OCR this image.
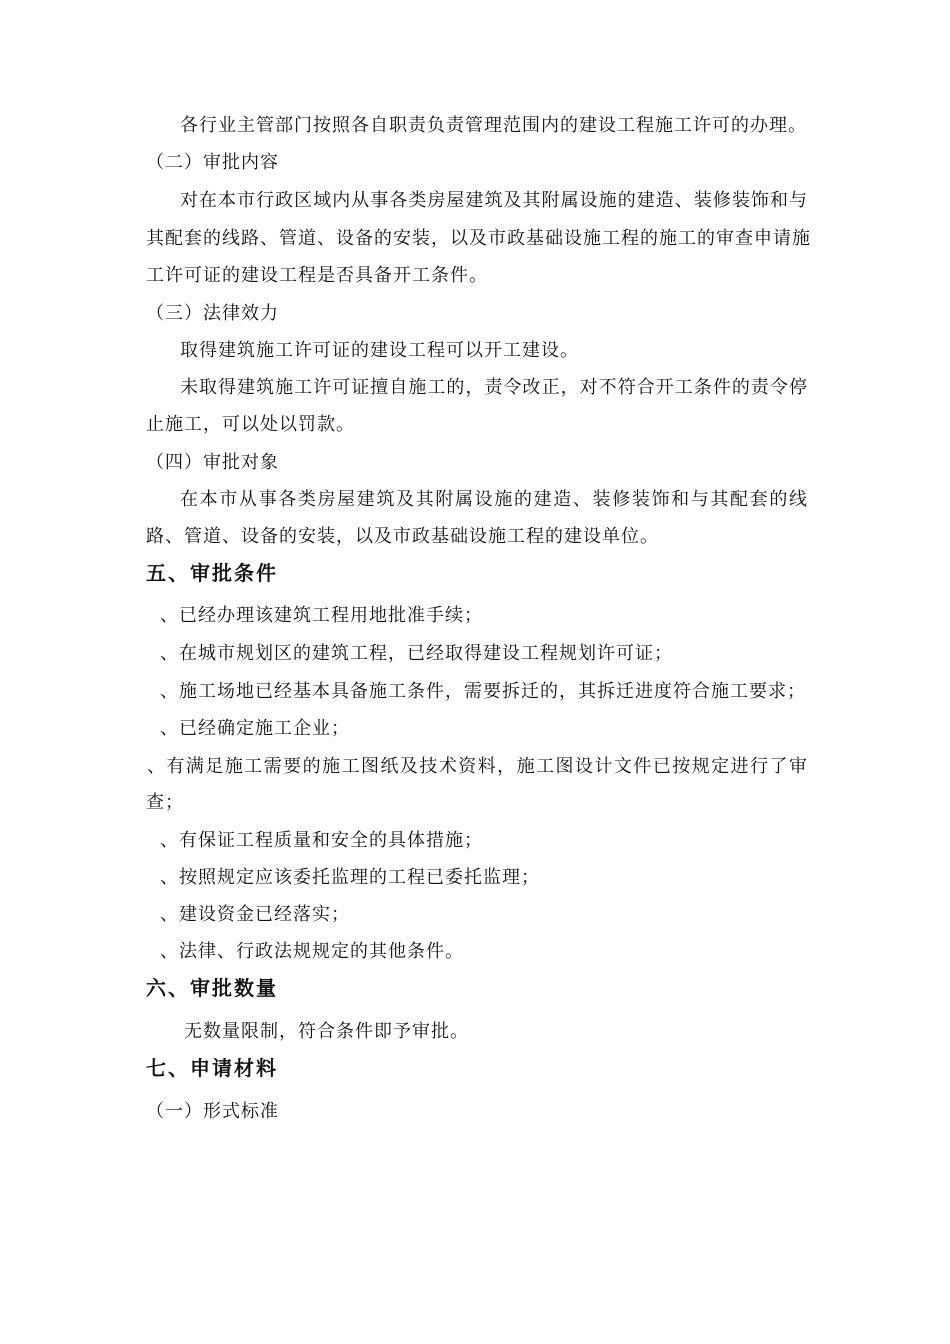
各行业主管部门按照各自职责负责管理范围内的建设工程施工许可的办理。
（二）审批内容
对在本市行政区域内从事各类房屋建筑及其附属设施的建造、装修装饰和与
其配套的线路、管道、设备的安装，以及市政基础设施工程的施工的审查申请施
工许可证的建设工程是否具备开工条件。
（三）法律效力
取得建筑施工许可证的建设工程可以开工建设。
未取得建筑施工许可证擅自施工的，责令改正，对不符合开工条件的责令停
止施工，可以处以罚款。
（四）审批对象
在本市从事各类房屋建筑及其附属设施的建造、装修装饰和与其配套的线
路、管道、设备的安装，以及市政基础设施工程的建设单位。
五、审批条件
、已经办理该建筑工程用地批准手续；
、在城市规划区的建筑工程，已经取得建设工程规划许可证；
、施工场地已经基本具备施工条件，需要拆迁的，其拆迁进度符合施工要求；
、已经确定施工企业；
、有满足施工需要的施工图纸及技术资料，施工图设计文件已按规定进行了审
查；
、有保证工程质量和安全的具体措施；
、按照规定应该委托监理的工程已委托监理；
、建设资金已经落实；
、法律、行政法规规定的其他条件。
六、审批数量
无数量限制，符合条件即予审批。
七、申请材料
（一）形式标准
